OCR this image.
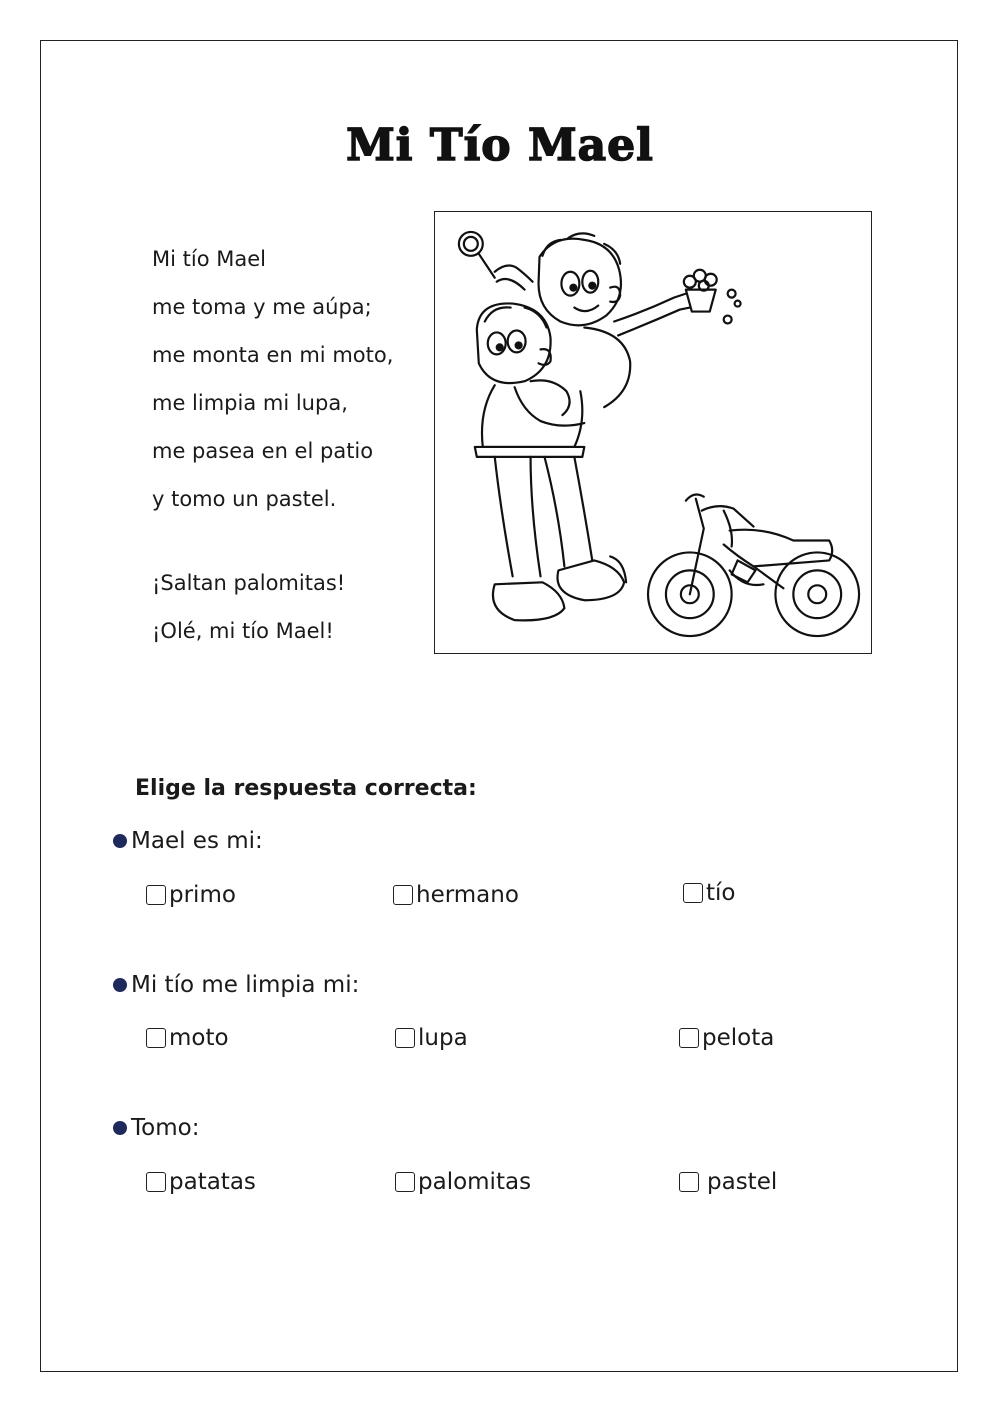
Mi Tío Mael
Mi tío Mael
me toma y me aúpa;
me monta en mi moto,
me limpia mi lupa,
me pasea en el patio
y tomo un pastel.
¡Saltan palomitas!
¡Olé, mi tío Mael!
Elige la respuesta correcta:
Mael es mi:
primo	hermano	tío
Mi tío me limpia mi:
moto	lupa	pelota
Tomo:
patatas	palomitas	pastel
